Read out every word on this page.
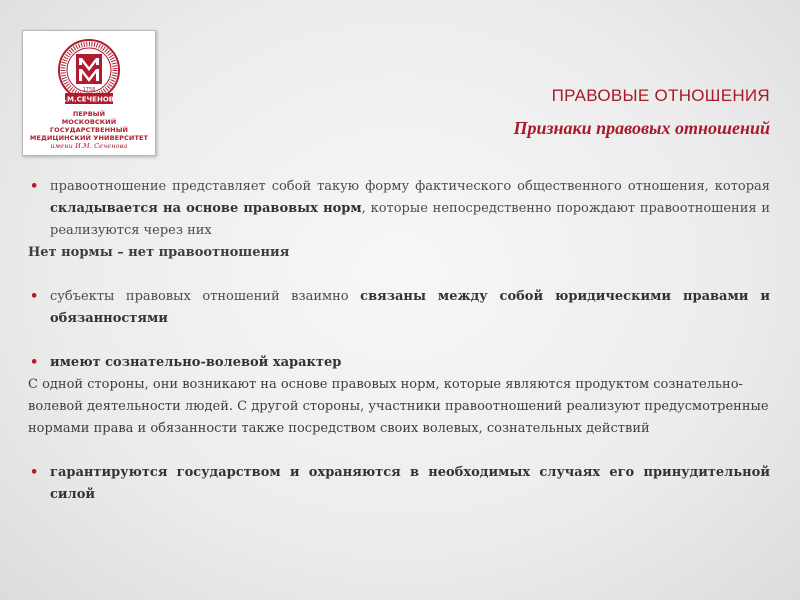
И.М.СЕЧЕНОВА
1758
ПЕРВЫЙ
МОСКОВСКИЙ ГОСУДАРСТВЕННЫЙ
МЕДИЦИНСКИЙ УНИВЕРСИТЕТ
имени И.М. Сеченова
ПРАВОВЫЕ ОТНОШЕНИЯ
Признаки правовых отношений

• правоотношение представляет собой такую форму фактического общественного отношения, которая складывается на основе правовых норм, которые непосредственно порождают правоотношения и реализуются через них

Нет нормы – нет правоотношения

• субъекты правовых отношений взаимно связаны между собой юридическими правами и обязанностями

• имеют сознательно-волевой характер

С одной стороны, они возникают на основе правовых норм, которые являются продуктом сознательно-волевой деятельности людей. С другой стороны, участники правоотношений реализуют предусмотренные нормами права и обязанности также посредством своих волевых, сознательных действий

• гарантируются государством и охраняются в необходимых случаях его принудительной силой
